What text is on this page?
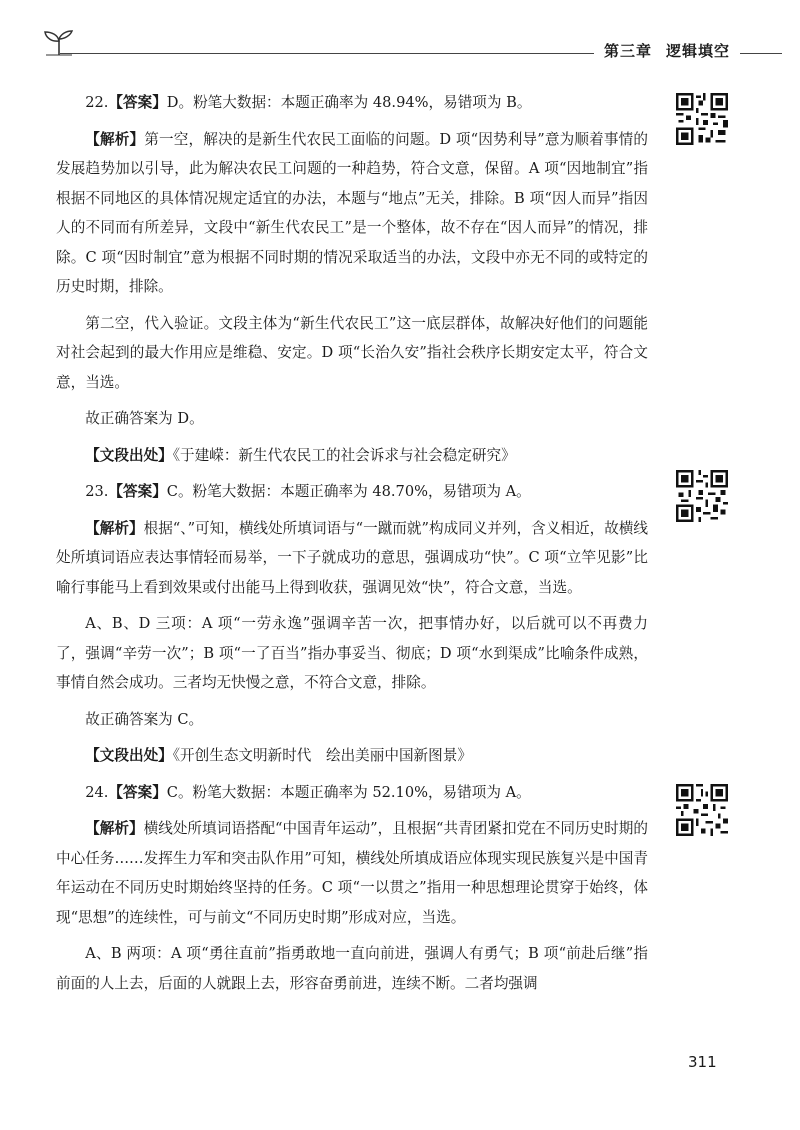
第三章 逻辑填空

22.【答案】D。粉笔大数据：本题正确率为 48.94%，易错项为 B。

【解析】第一空，解决的是新生代农民工面临的问题。D 项“因势利导”意为顺着事情的发展趋势加以引导，此为解决农民工问题的一种趋势，符合文意，保留。A 项“因地制宜”指根据不同地区的具体情况规定适宜的办法，本题与“地点”无关，排除。B 项“因人而异”指因人的不同而有所差异，文段中“新生代农民工”是一个整体，故不存在“因人而异”的情况，排除。C 项“因时制宜”意为根据不同时期的情况采取适当的办法，文段中亦无不同的或特定的历史时期，排除。

第二空，代入验证。文段主体为“新生代农民工”这一底层群体，故解决好他们的问题能对社会起到的最大作用应是维稳、安定。D 项“长治久安”指社会秩序长期安定太平，符合文意，当选。

故正确答案为 D。

【文段出处】《于建嵘：新生代农民工的社会诉求与社会稳定研究》

23.【答案】C。粉笔大数据：本题正确率为 48.70%，易错项为 A。

【解析】根据“、”可知，横线处所填词语与“一蹴而就”构成同义并列，含义相近，故横线处所填词语应表达事情轻而易举，一下子就成功的意思，强调成功“快”。C 项“立竿见影”比喻行事能马上看到效果或付出能马上得到收获，强调见效“快”，符合文意，当选。

A、B、D 三项：A 项“一劳永逸”强调辛苦一次，把事情办好，以后就可以不再费力了，强调“辛劳一次”；B 项“一了百当”指办事妥当、彻底；D 项“水到渠成”比喻条件成熟，事情自然会成功。三者均无快慢之意，不符合文意，排除。

故正确答案为 C。

【文段出处】《开创生态文明新时代　绘出美丽中国新图景》

24.【答案】C。粉笔大数据：本题正确率为 52.10%，易错项为 A。

【解析】横线处所填词语搭配“中国青年运动”，且根据“共青团紧扣党在不同历史时期的中心任务……发挥生力军和突击队作用”可知，横线处所填成语应体现实现民族复兴是中国青年运动在不同历史时期始终坚持的任务。C 项“一以贯之”指用一种思想理论贯穿于始终，体现“思想”的连续性，可与前文“不同历史时期”形成对应，当选。

A、B 两项：A 项“勇往直前”指勇敢地一直向前进，强调人有勇气；B 项“前赴后继”指前面的人上去，后面的人就跟上去，形容奋勇前进，连续不断。二者均强调

311
